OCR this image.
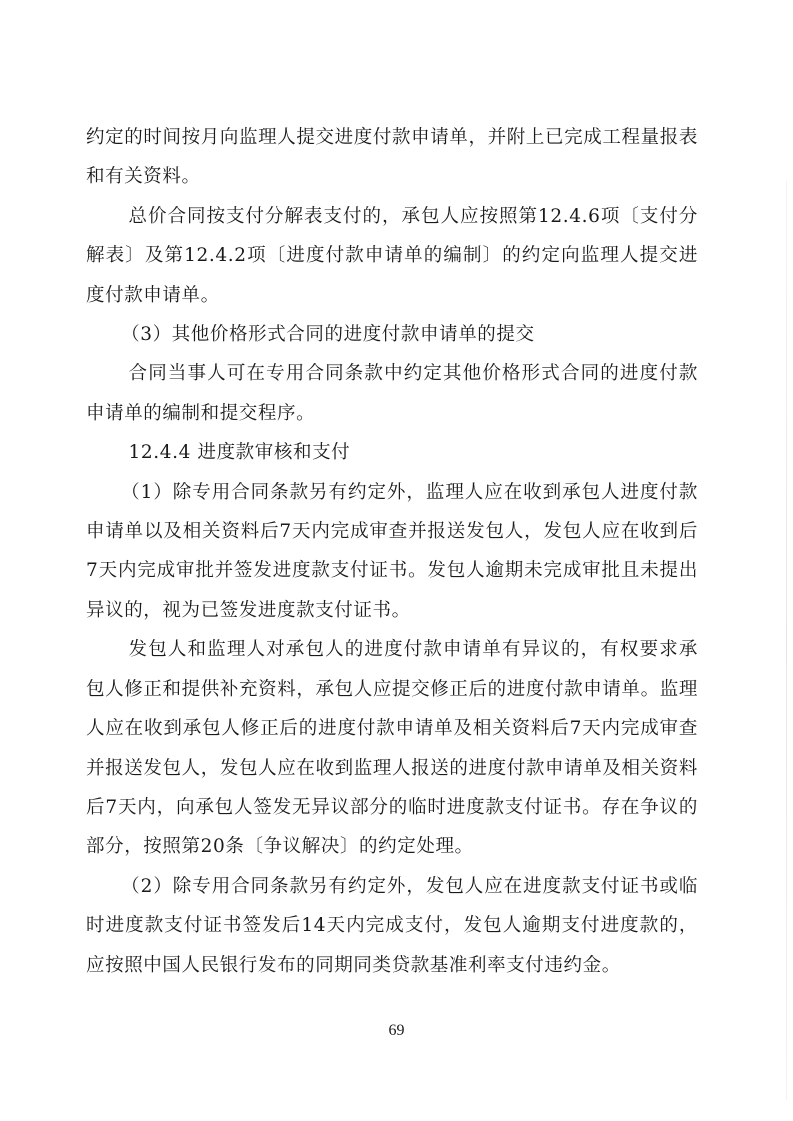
约定的时间按月向监理人提交进度付款申请单，并附上已完成工程量报表和有关资料。

总价合同按支付分解表支付的，承包人应按照第12.4.6项〔支付分解表〕及第12.4.2项〔进度付款申请单的编制〕的约定向监理人提交进度付款申请单。

（3）其他价格形式合同的进度付款申请单的提交

合同当事人可在专用合同条款中约定其他价格形式合同的进度付款申请单的编制和提交程序。

12.4.4 进度款审核和支付

（1）除专用合同条款另有约定外，监理人应在收到承包人进度付款申请单以及相关资料后7天内完成审查并报送发包人，发包人应在收到后7天内完成审批并签发进度款支付证书。发包人逾期未完成审批且未提出异议的，视为已签发进度款支付证书。

发包人和监理人对承包人的进度付款申请单有异议的，有权要求承包人修正和提供补充资料，承包人应提交修正后的进度付款申请单。监理人应在收到承包人修正后的进度付款申请单及相关资料后7天内完成审查并报送发包人，发包人应在收到监理人报送的进度付款申请单及相关资料后7天内，向承包人签发无异议部分的临时进度款支付证书。存在争议的部分，按照第20条〔争议解决〕的约定处理。

（2）除专用合同条款另有约定外，发包人应在进度款支付证书或临时进度款支付证书签发后14天内完成支付，发包人逾期支付进度款的，应按照中国人民银行发布的同期同类贷款基准利率支付违约金。

69
